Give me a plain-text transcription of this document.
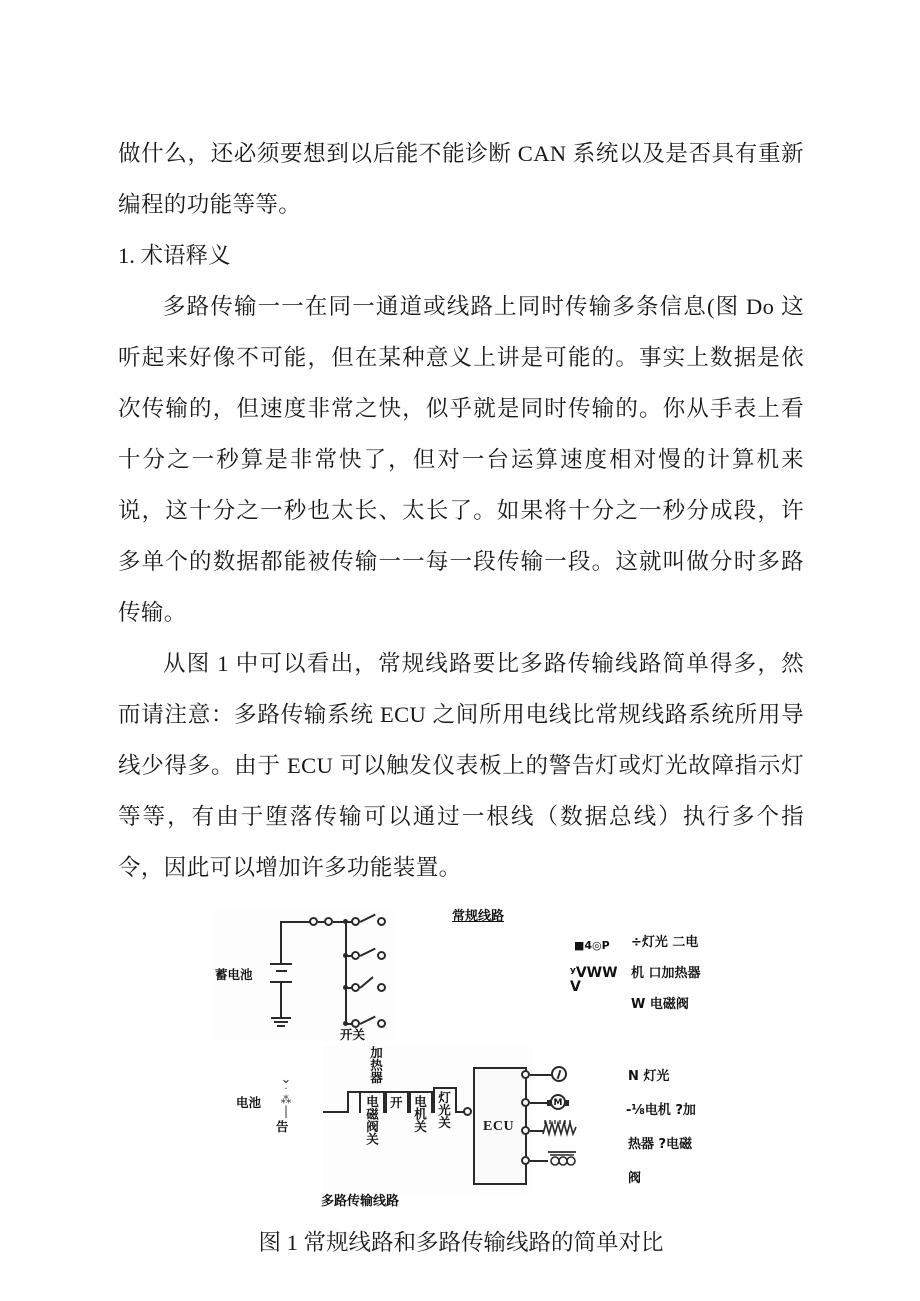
做什么，还必须要想到以后能不能诊断 CAN 系统以及是否具有重新编程的功能等等。

1. 术语释义

多路传输一一在同一通道或线路上同时传输多条信息(图 Do 这听起来好像不可能，但在某种意义上讲是可能的。事实上数据是依次传输的，但速度非常之快，似乎就是同时传输的。你从手表上看十分之一秒算是非常快了，但对一台运算速度相对慢的计算机来说，这十分之一秒也太长、太长了。如果将十分之一秒分成段，许多单个的数据都能被传输一一每一段传输一段。这就叫做分时多路传输。

从图 1 中可以看出，常规线路要比多路传输线路简单得多，然而请注意：多路传输系统 ECU 之间所用电线比常规线路系统所用导线少得多。由于 ECU 可以触发仪表板上的警告灯或灯光故障指示灯等等，有由于堕落传输可以通过一根线（数据总线）执行多个指令，因此可以增加许多功能装置。

常规线路
蓄电池
开关
■4◎P
ʸVWW
V
÷灯光 二电
机 口加热器
W 电磁阀
⌄
‧
⁂
|
电池
告
加热器
电磁阀关 开 电机关 灯光关 ECU
M
N 灯光
-⅛电机 ?加
热器 ?电磁
阀
多路传输线路
图 1 常规线路和多路传输线路的简单对比
